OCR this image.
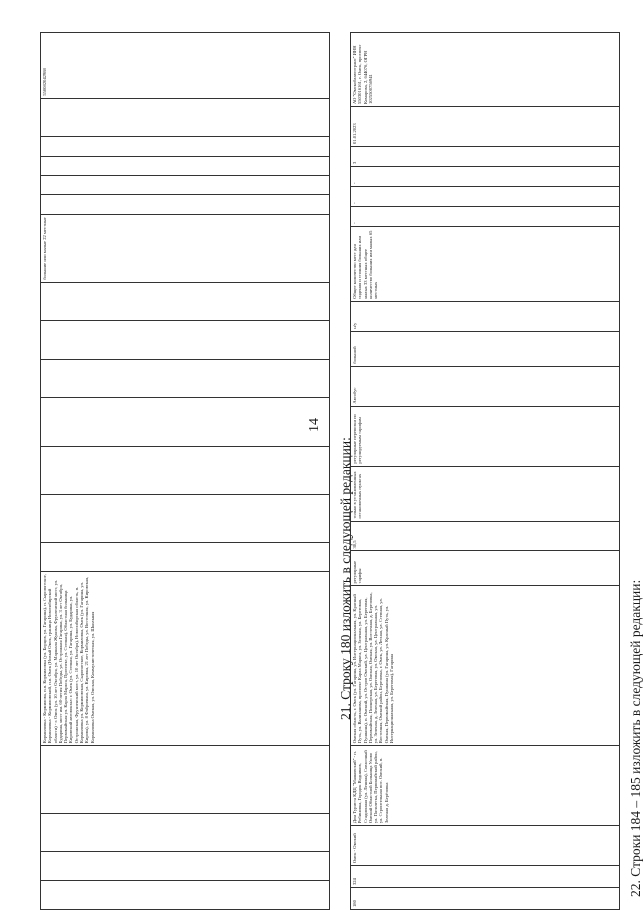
14
				Кормиловка - Кормилова, п.п. Кормиловка (ул. Борцов, ул. Гагарина), п. Сыропятское, Кормиловка - Кормиловский, п.п. Омск (Новый Омск, граница Новосибирской области) - г. Омск (ул. 10 лет Октября, ул. Маршала Жукова, Фрунзенский мост, ул. Бударина, мост им. 60-летия Победы, ул. Острожная Гагарина, ул. 3 лет Октября, Первомайская ул. Карла Маркса, Проспект, ул. Степная), Областная больница Кировский автовокзал: г. Омск (ул. Степная, ул. Гагарина, ул. Бударина, ул. Острожская, Фрунзенский мост, ул. 10 лет Октября), Новосибирская область, п. Кормиловка ул. Кормиловская, Сыропятское, Кормиловка, Омск (ул. Гагарина, ул. Кирова), ул. 8 Фабричная, ул. Кировка, 21 лет Победы, ул. Восточная, ул. Кировская, Кормиловка Омская, ул. Омская, Коммунистическая, ул. Школьная								большие или малые 22 местные						550082042988
21. Строку 180 изложить в следующей редакции:
180	324	Омск - Омский	Дом Туриста КДЦ "Маяковский" - п. Ребиновка, Городок Водников, Стадионная (ул. Ленина), Совхозный Омский Областной Больница Ухово ул. Пятилетка, Первомайский район, ул. Строительная пос. Омский, п. Зеленая д. Берёзовка	Омская область, г. Омск (ул. Гагарина, ул. Интернациональная, ул. Красный Путь, ул. Валиханова, проспект Карла Маркса, ул. Зеленая, ул. Береговая, Пушкина), п. Омский, ул. Остров Омский, ул. Центральная, ул. Береговая, Первомайская, Пионерская, ул. Омская, Омская, ул. Восточная, д. Березовка, ул. Зеленая, д. Зеленая, ул. Береговая, ул. Омская, ул. Центральная, ул. Восточная, Омский район, Березовка, г. Омск, ул. Лесная, ул. Степная, ул. Омская, Первомайская, Пушкина (ул. Гагарина, ул. Красный Путь, ул. Интернациональная, ул. Береговая), Гагарина	регулярные тарифы	30,5	только в установленных остановочных пунктах	регулярные перевозки по регулируемым тарифам	Автобус	большой	н/у	Общее количество мест для сидения и стояния больших или малых 33 местных общее количество больших или малых 65 местных	-	-	-	3	01.01.2023	АО "Омскоблавтотранс" ИНН 5503016161, г. Омск, проспект Комарова, 2, 644076, ОГРН 1025500756941
22. Строки 184 – 185 изложить в следующей редакции:
